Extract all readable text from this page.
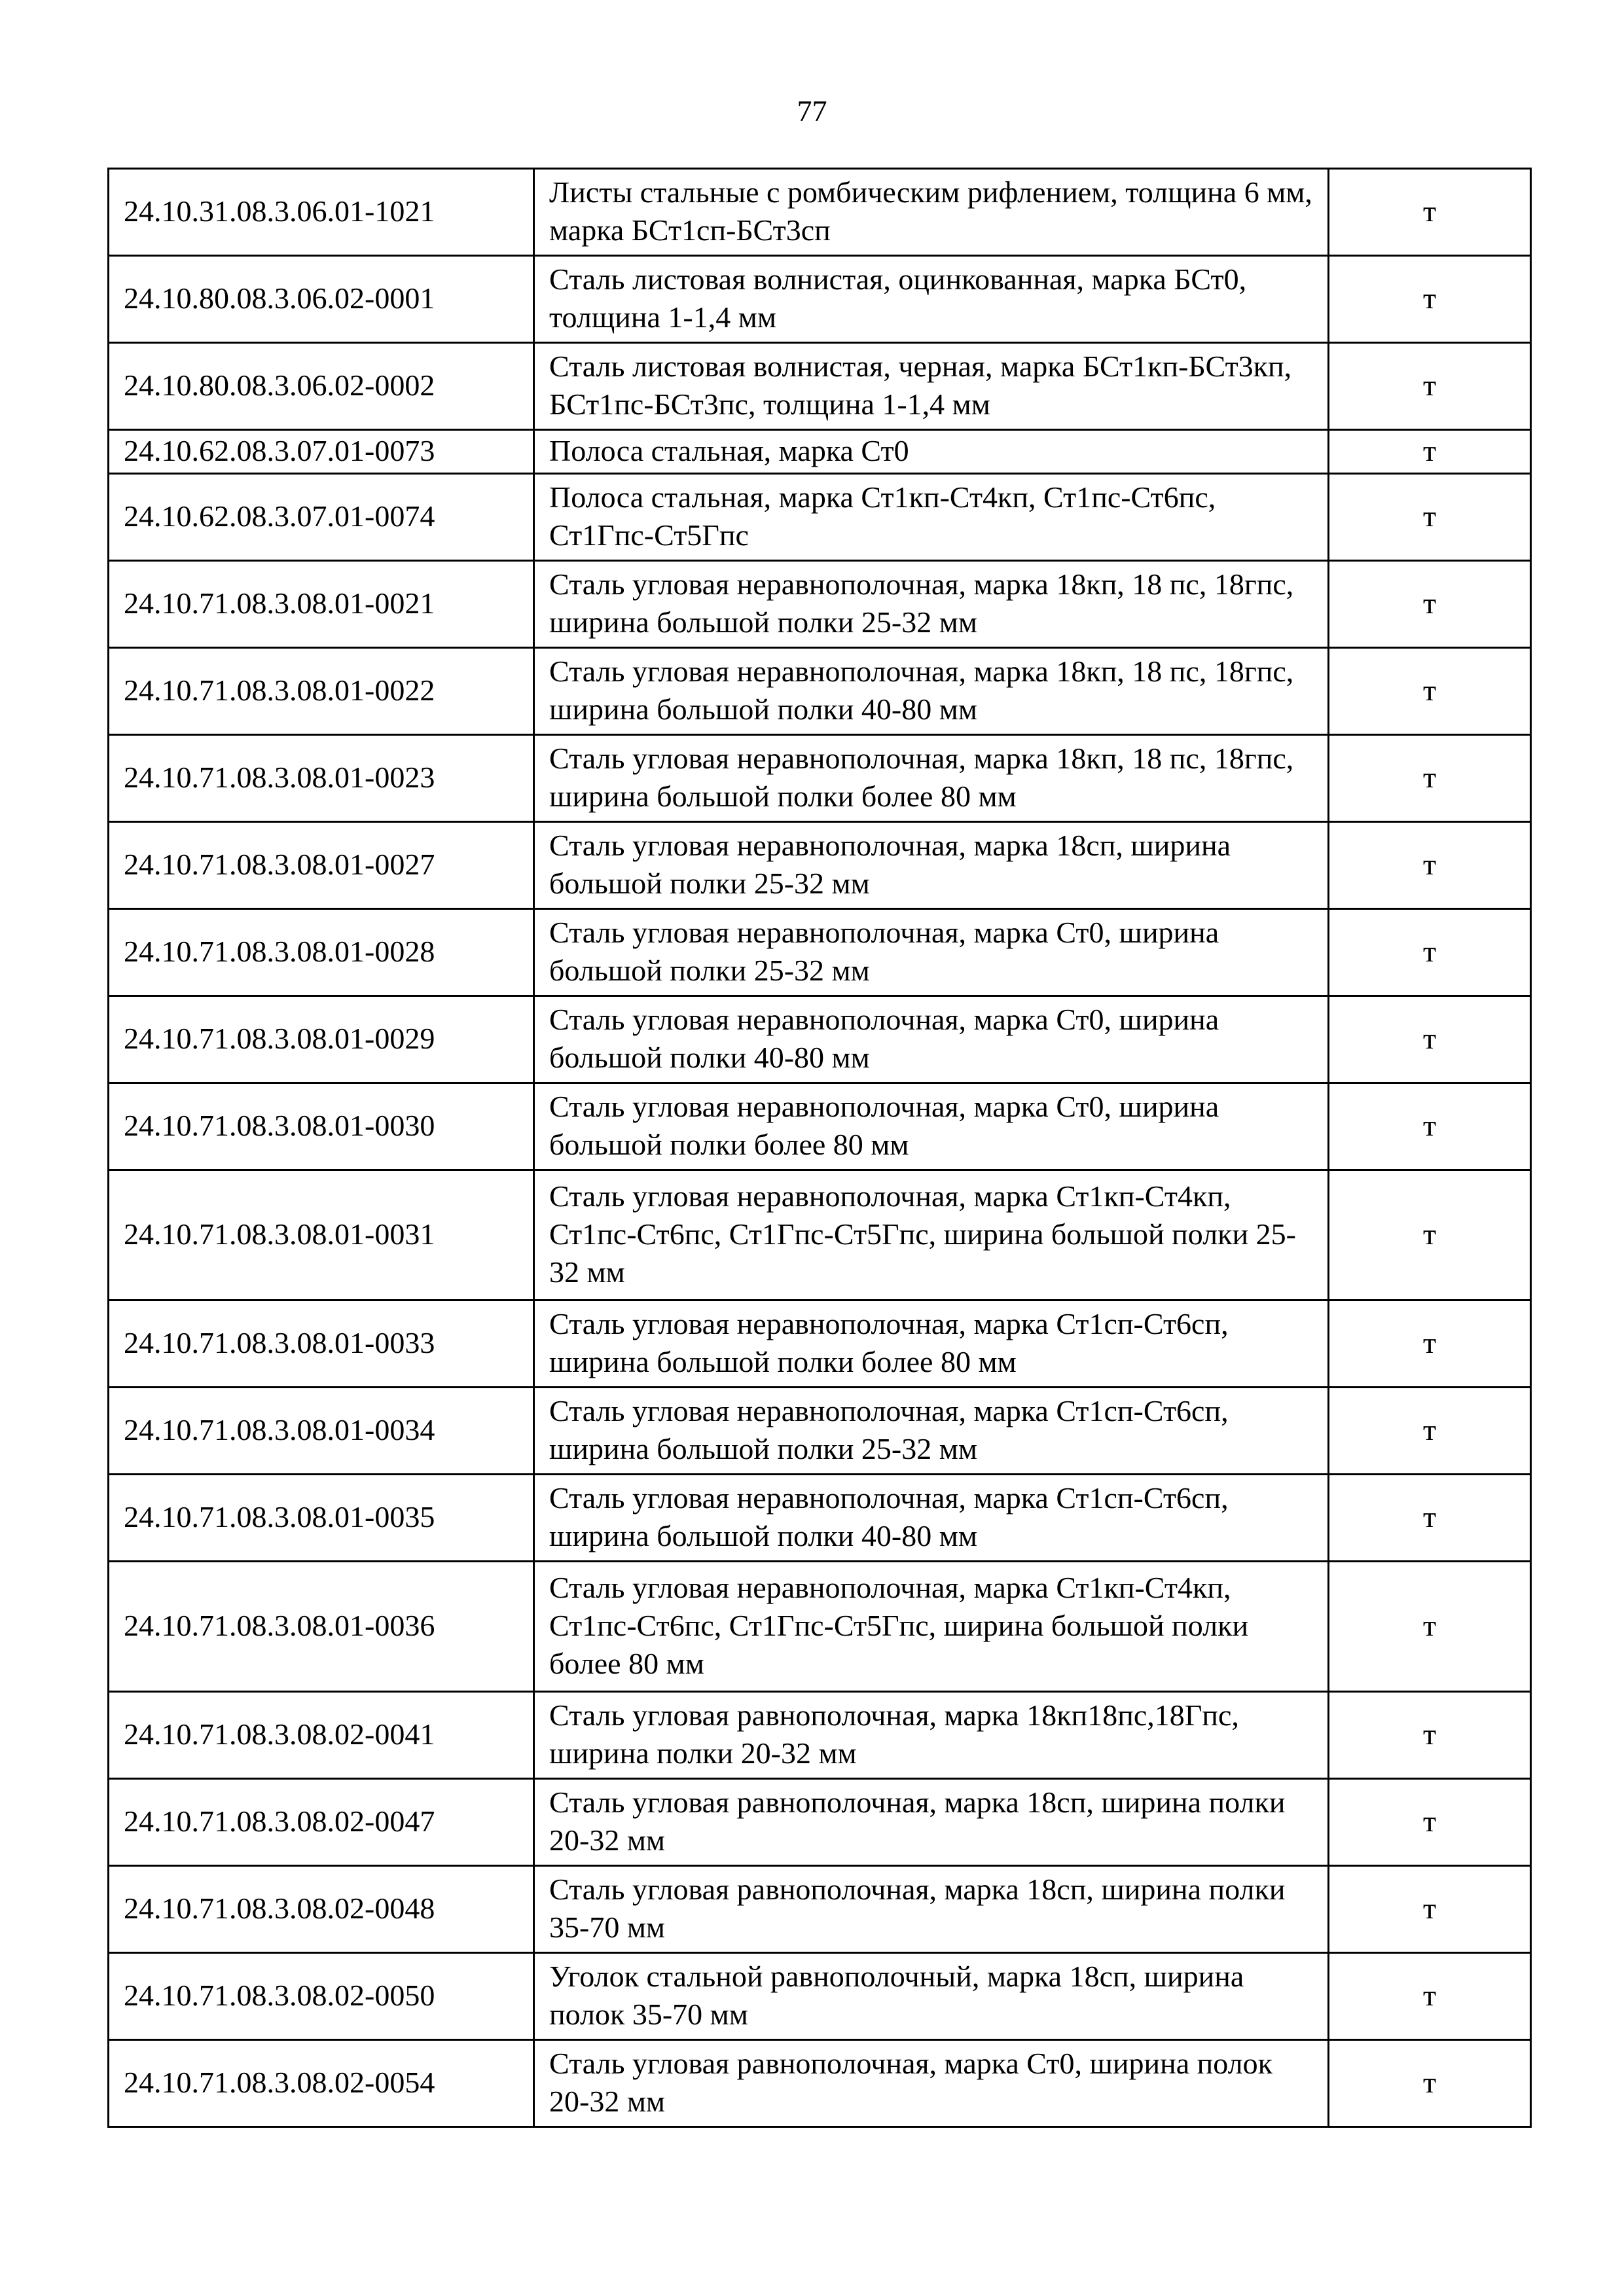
77
24.10.31.08.3.06.01-1021	Листы стальные с ромбическим рифлением, толщина 6 мм, марка БСт1сп-БСт3сп	т
24.10.80.08.3.06.02-0001	Сталь листовая волнистая, оцинкованная, марка БСт0, толщина 1-1,4 мм	т
24.10.80.08.3.06.02-0002	Сталь листовая волнистая, черная, марка БСт1кп-БСт3кп, БСт1пс-БСт3пс, толщина 1-1,4 мм	т
24.10.62.08.3.07.01-0073	Полоса стальная, марка Ст0	т
24.10.62.08.3.07.01-0074	Полоса стальная, марка Ст1кп-Ст4кп, Ст1пс-Ст6пс, Ст1Гпс-Ст5Гпс	т
24.10.71.08.3.08.01-0021	Сталь угловая неравнополочная, марка 18кп, 18 пс, 18гпс, ширина большой полки 25-32 мм	т
24.10.71.08.3.08.01-0022	Сталь угловая неравнополочная, марка 18кп, 18 пс, 18гпс, ширина большой полки 40-80 мм	т
24.10.71.08.3.08.01-0023	Сталь угловая неравнополочная, марка 18кп, 18 пс, 18гпс, ширина большой полки более 80 мм	т
24.10.71.08.3.08.01-0027	Сталь угловая неравнополочная, марка 18сп, ширина большой полки 25-32 мм	т
24.10.71.08.3.08.01-0028	Сталь угловая неравнополочная, марка Ст0, ширина большой полки 25-32 мм	т
24.10.71.08.3.08.01-0029	Сталь угловая неравнополочная, марка Ст0, ширина большой полки 40-80 мм	т
24.10.71.08.3.08.01-0030	Сталь угловая неравнополочная, марка Ст0, ширина большой полки более 80 мм	т
24.10.71.08.3.08.01-0031	Сталь угловая неравнополочная, марка Ст1кп-Ст4кп, Ст1пс-Ст6пс, Ст1Гпс-Ст5Гпс, ширина большой полки 25-32 мм	т
24.10.71.08.3.08.01-0033	Сталь угловая неравнополочная, марка Ст1сп-Ст6сп, ширина большой полки более 80 мм	т
24.10.71.08.3.08.01-0034	Сталь угловая неравнополочная, марка Ст1сп-Ст6сп, ширина большой полки 25-32 мм	т
24.10.71.08.3.08.01-0035	Сталь угловая неравнополочная, марка Ст1сп-Ст6сп, ширина большой полки 40-80 мм	т
24.10.71.08.3.08.01-0036	Сталь угловая неравнополочная, марка Ст1кп-Ст4кп, Ст1пс-Ст6пс, Ст1Гпс-Ст5Гпс, ширина большой полки более 80 мм	т
24.10.71.08.3.08.02-0041	Сталь угловая равнополочная, марка 18кп18пс,18Гпс, ширина полки 20-32 мм	т
24.10.71.08.3.08.02-0047	Сталь угловая равнополочная, марка 18сп, ширина полки 20-32 мм	т
24.10.71.08.3.08.02-0048	Сталь угловая равнополочная, марка 18сп, ширина полки 35-70 мм	т
24.10.71.08.3.08.02-0050	Уголок стальной равнополочный, марка 18сп, ширина полок 35-70 мм	т
24.10.71.08.3.08.02-0054	Сталь угловая равнополочная, марка Ст0, ширина полок 20-32 мм	т
